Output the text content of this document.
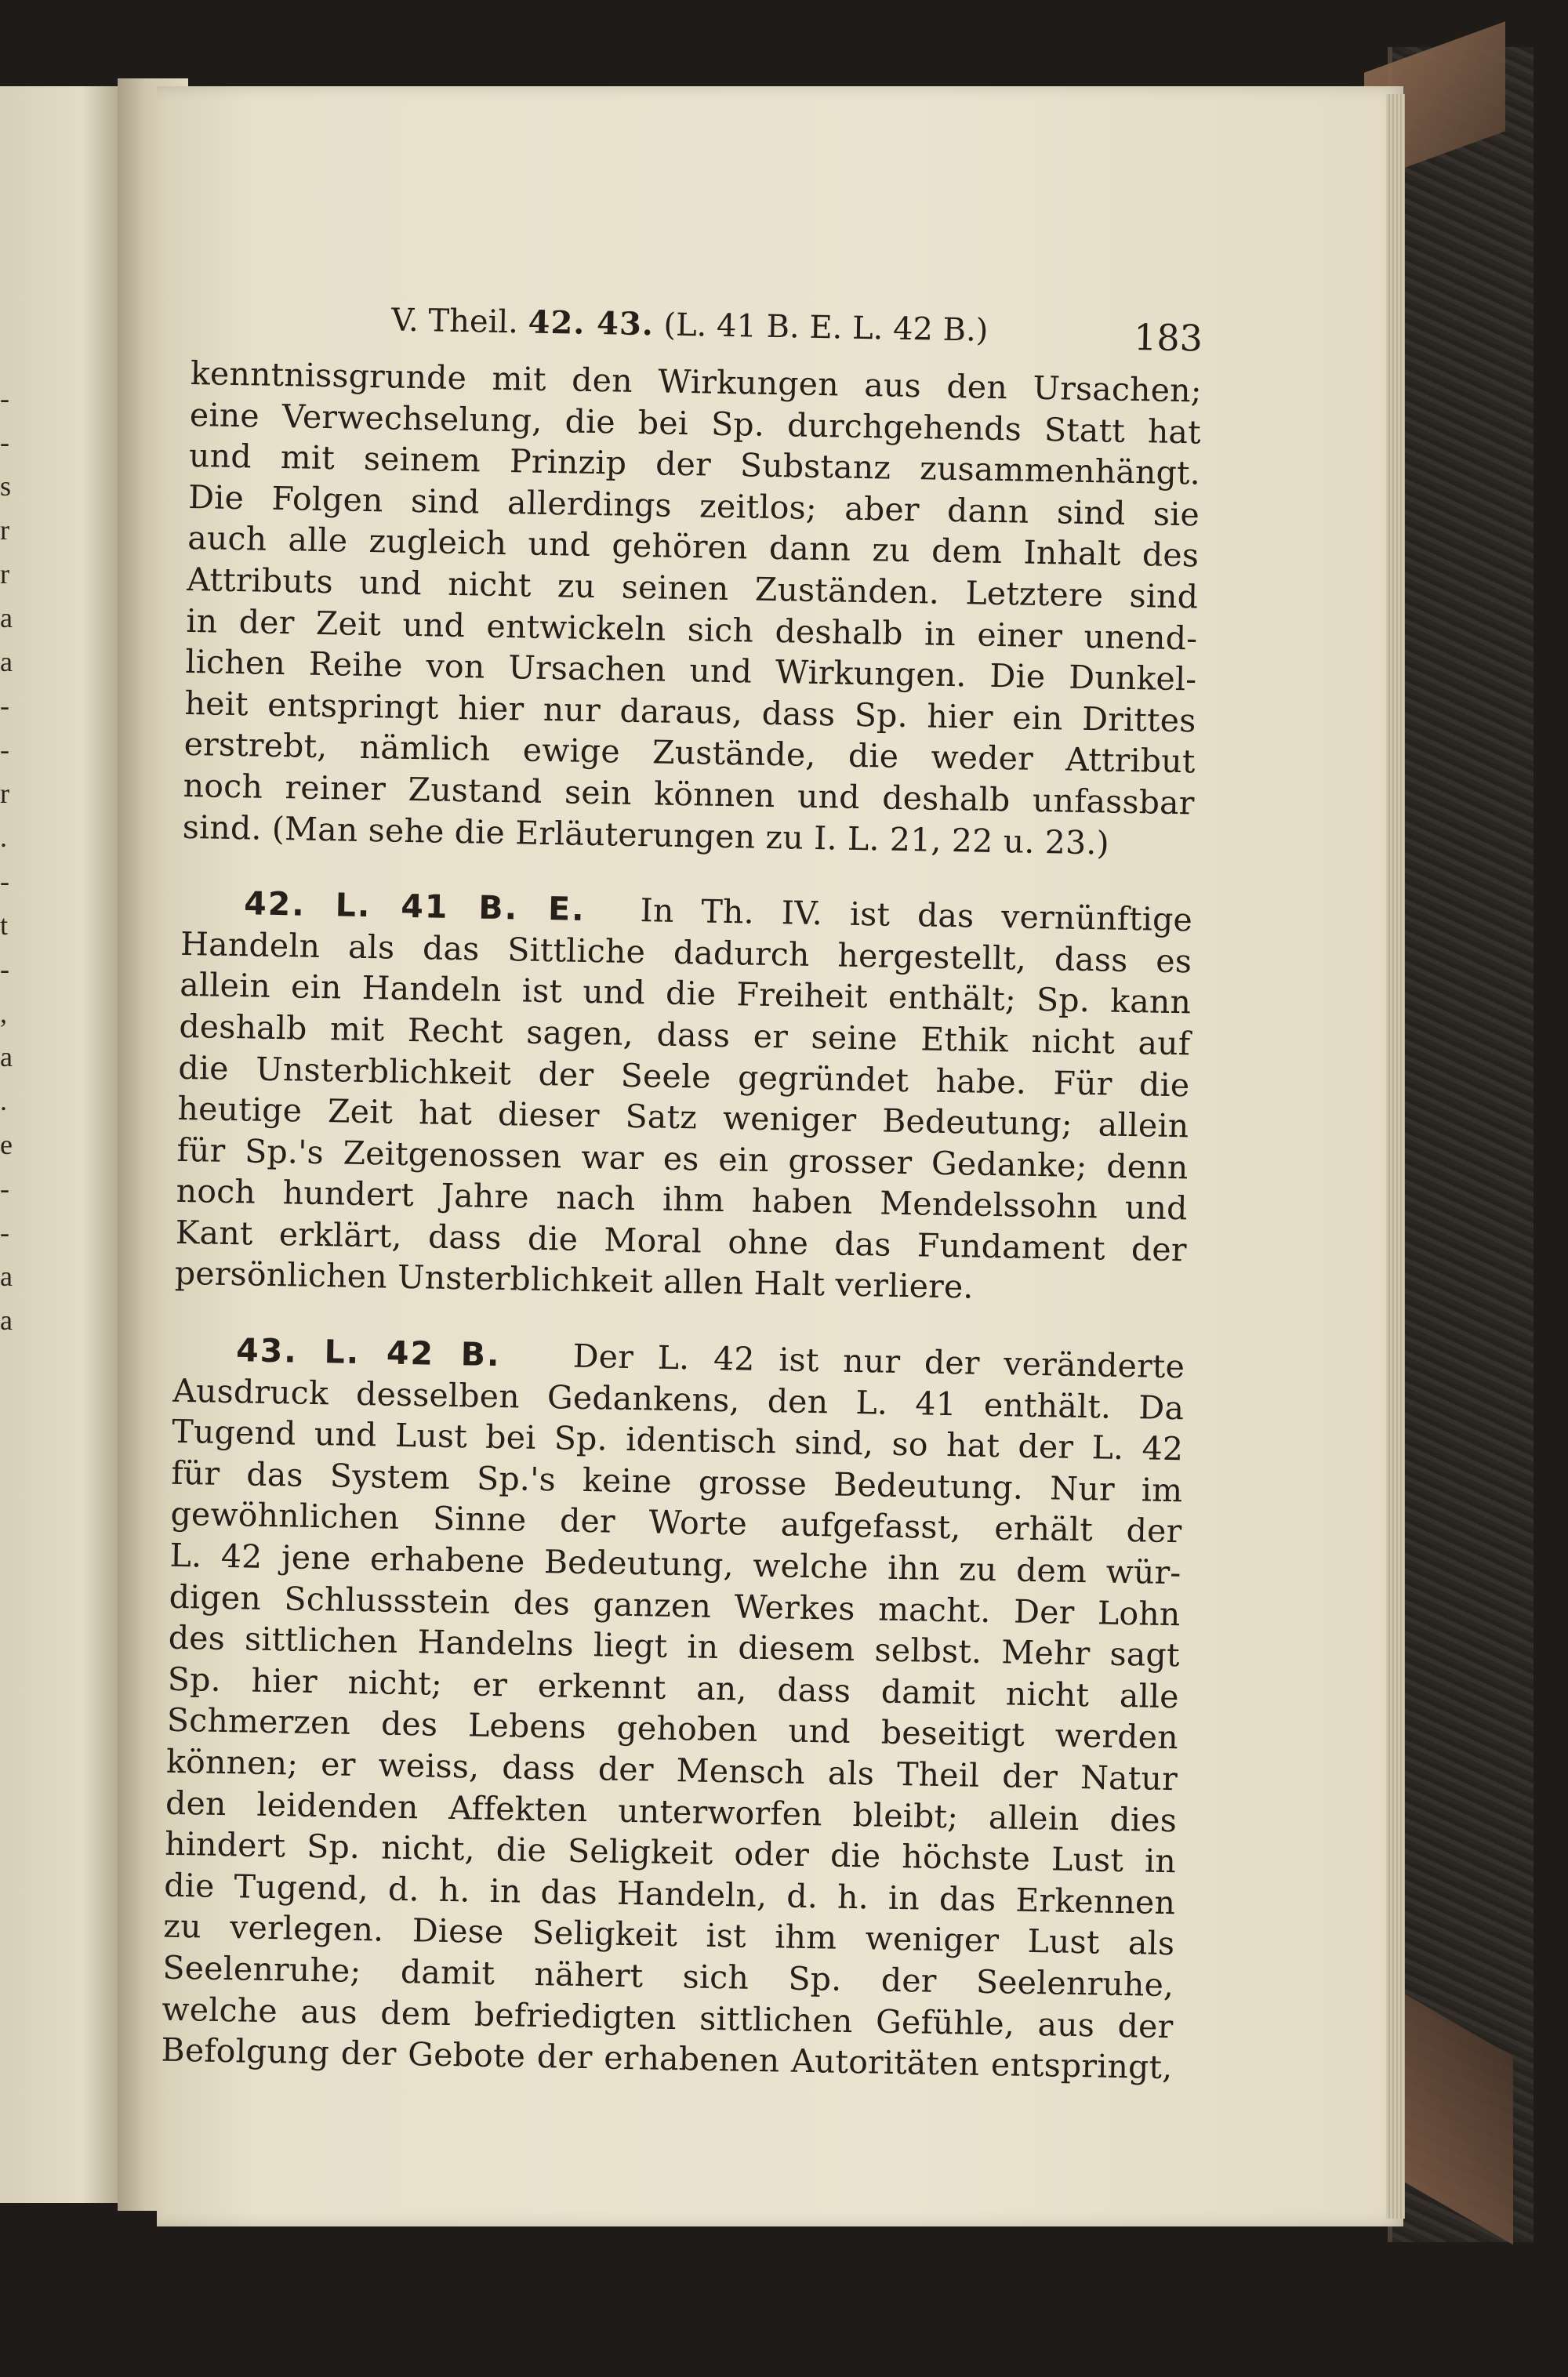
-
-
s
r
r
a
a
-
-
r
.
-
t
-
,
a
.
e
-
-
a
a
V. Theil. 42. 43. (L. 41 B. E. L. 42 B.)	183
kenntnissgrunde mit den Wirkungen aus den Ursachen;
eine Verwechselung, die bei Sp. durchgehends Statt hat
und mit seinem Prinzip der Substanz zusammenhängt.
Die Folgen sind allerdings zeitlos; aber dann sind sie
auch alle zugleich und gehören dann zu dem Inhalt des
Attributs und nicht zu seinen Zuständen. Letztere sind
in der Zeit und entwickeln sich deshalb in einer unend-
lichen Reihe von Ursachen und Wirkungen. Die Dunkel-
heit entspringt hier nur daraus, dass Sp. hier ein Drittes
erstrebt, nämlich ewige Zustände, die weder Attribut
noch reiner Zustand sein können und deshalb unfassbar
sind. (Man sehe die Erläuterungen zu I. L. 21, 22 u. 23.)
42. L. 41 B. E. In Th. IV. ist das vernünftige
Handeln als das Sittliche dadurch hergestellt, dass es
allein ein Handeln ist und die Freiheit enthält; Sp. kann
deshalb mit Recht sagen, dass er seine Ethik nicht auf
die Unsterblichkeit der Seele gegründet habe. Für die
heutige Zeit hat dieser Satz weniger Bedeutung; allein
für Sp.'s Zeitgenossen war es ein grosser Gedanke; denn
noch hundert Jahre nach ihm haben Mendelssohn und
Kant erklärt, dass die Moral ohne das Fundament der
persönlichen Unsterblichkeit allen Halt verliere.
43. L. 42 B. Der L. 42 ist nur der veränderte
Ausdruck desselben Gedankens, den L. 41 enthält. Da
Tugend und Lust bei Sp. identisch sind, so hat der L. 42
für das System Sp.'s keine grosse Bedeutung. Nur im
gewöhnlichen Sinne der Worte aufgefasst, erhält der
L. 42 jene erhabene Bedeutung, welche ihn zu dem wür-
digen Schlussstein des ganzen Werkes macht. Der Lohn
des sittlichen Handelns liegt in diesem selbst. Mehr sagt
Sp. hier nicht; er erkennt an, dass damit nicht alle
Schmerzen des Lebens gehoben und beseitigt werden
können; er weiss, dass der Mensch als Theil der Natur
den leidenden Affekten unterworfen bleibt; allein dies
hindert Sp. nicht, die Seligkeit oder die höchste Lust in
die Tugend, d. h. in das Handeln, d. h. in das Erkennen
zu verlegen. Diese Seligkeit ist ihm weniger Lust als
Seelenruhe; damit nähert sich Sp. der Seelenruhe,
welche aus dem befriedigten sittlichen Gefühle, aus der
Befolgung der Gebote der erhabenen Autoritäten entspringt,
